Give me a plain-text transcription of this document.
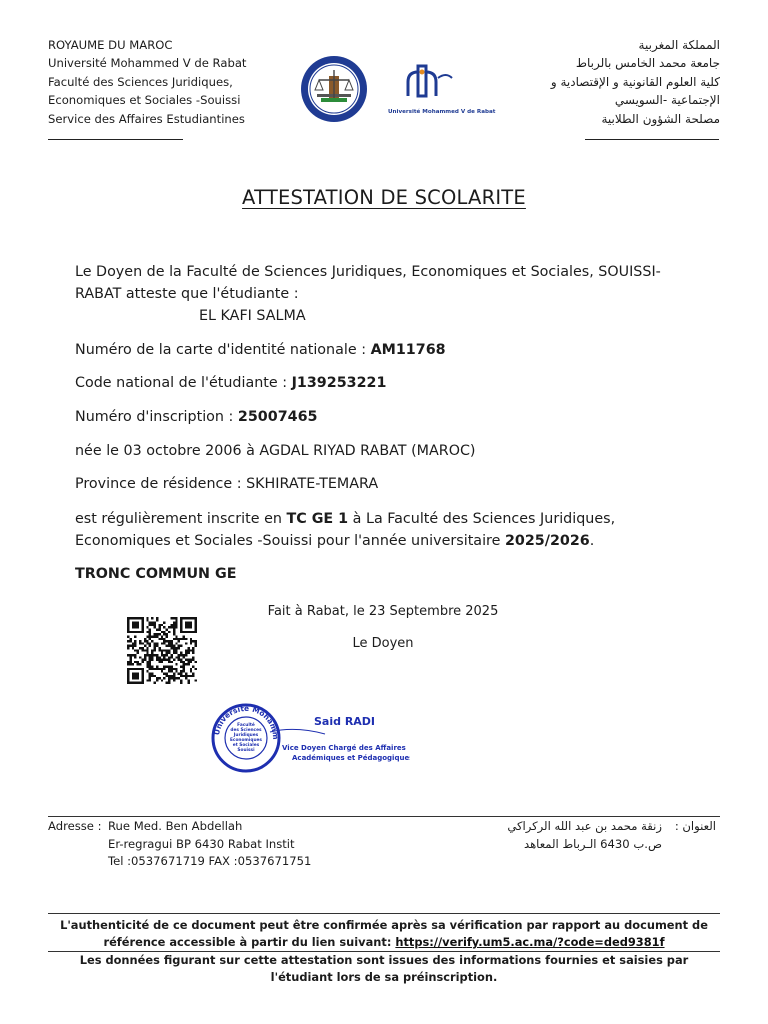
ROYAUME DU MAROC
Université Mohammed V de Rabat
Faculté des Sciences Juridiques,
Economiques et Sociales -Souissi
Service des Affaires Estudiantines
المملكة المغربية
جامعة محمد الخامس بالرباط
كلية العلوم القانونية و الإقتصادية و
الإجتماعية -السويسي
مصلحة الشؤون الطلابية
Université Mohammed V de Rabat
ATTESTATION DE SCOLARITE
Le Doyen de la Faculté de Sciences Juridiques, Economiques et Sociales, SOUISSI-RABAT atteste que l'étudiante :
EL KAFI SALMA
Numéro de la carte d'identité nationale : AM11768
Code national de l'étudiante : J139253221
Numéro d'inscription : 25007465
née le 03 octobre 2006 à AGDAL RIYAD RABAT (MAROC)
Province de résidence : SKHIRATE-TEMARA
est régulièrement inscrite en TC GE 1 à La Faculté des Sciences Juridiques, Economiques et Sociales -Souissi pour l'année universitaire 2025/2026.
TRONC COMMUN GE
Fait à Rabat, le 23 Septembre 2025
Le Doyen
Université Mohamm
Faculté
des Sciences
Juridiques
Economiques
et Sociales
Souissi
Said RADI
Vice Doyen Chargé des Affaires
Académiques et Pédagogiques
Adresse : Rue Med. Ben Abdellah
Er-regragui BP 6430 Rabat Instit
Tel :0537671719 FAX :0537671751
العنوان :
زنقة محمد بن عبد الله الركراكي
ص.ب 6430 الـرباط المعاهد
L'authenticité de ce document peut être confirmée après sa vérification par rapport au document de référence accessible à partir du lien suivant: https://verify.um5.ac.ma/?code=ded9381f
Les données figurant sur cette attestation sont issues des informations fournies et saisies par l'étudiant lors de sa préinscription.
